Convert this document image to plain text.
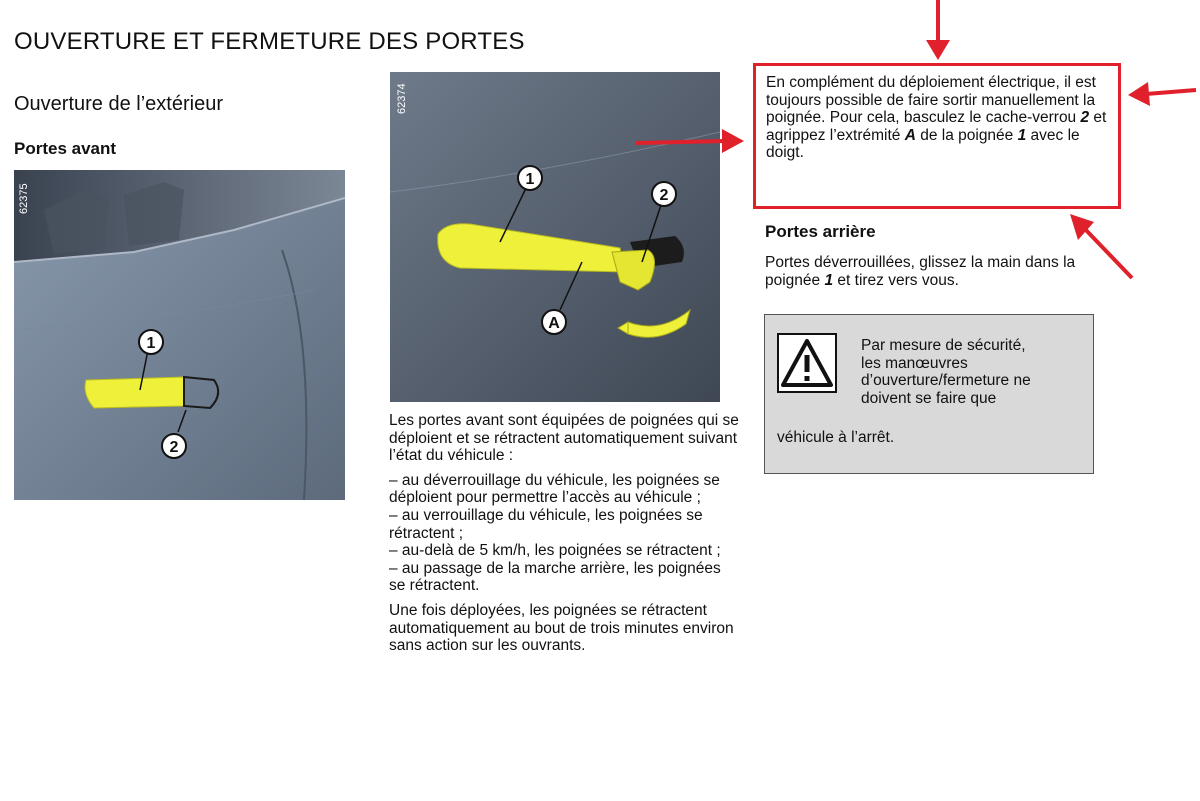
OUVERTURE ET FERMETURE DES PORTES
Ouverture de l’extérieur
Portes avant
1
2
62375
1
2
A
62374

Les portes avant sont équipées de poignées qui se déploient et se rétractent automatiquement suivant l’état du véhicule :

– au déverrouillage du véhicule, les poignées se déploient pour permettre l’accès au véhicule ;

– au verrouillage du véhicule, les poignées se rétractent ;

– au-delà de 5 km/h, les poignées se rétractent ;

– au passage de la marche arrière, les poignées se rétractent.

Une fois déployées, les poignées se rétractent automatiquement au bout de trois minutes environ sans action sur les ouvrants.

En complément du déploiement électrique, il est toujours possible de faire sortir manuellement la poignée. Pour cela, basculez le cache-verrou 2 et agrippez l’extrémité A de la poignée 1 avec le doigt.
Portes arrière
Portes déverrouillées, glissez la main dans la poignée 1 et tirez vers vous.
Par mesure de sécurité,
les manœuvres
d’ouverture/fermeture ne
doivent se faire que
véhicule à l’arrêt.
